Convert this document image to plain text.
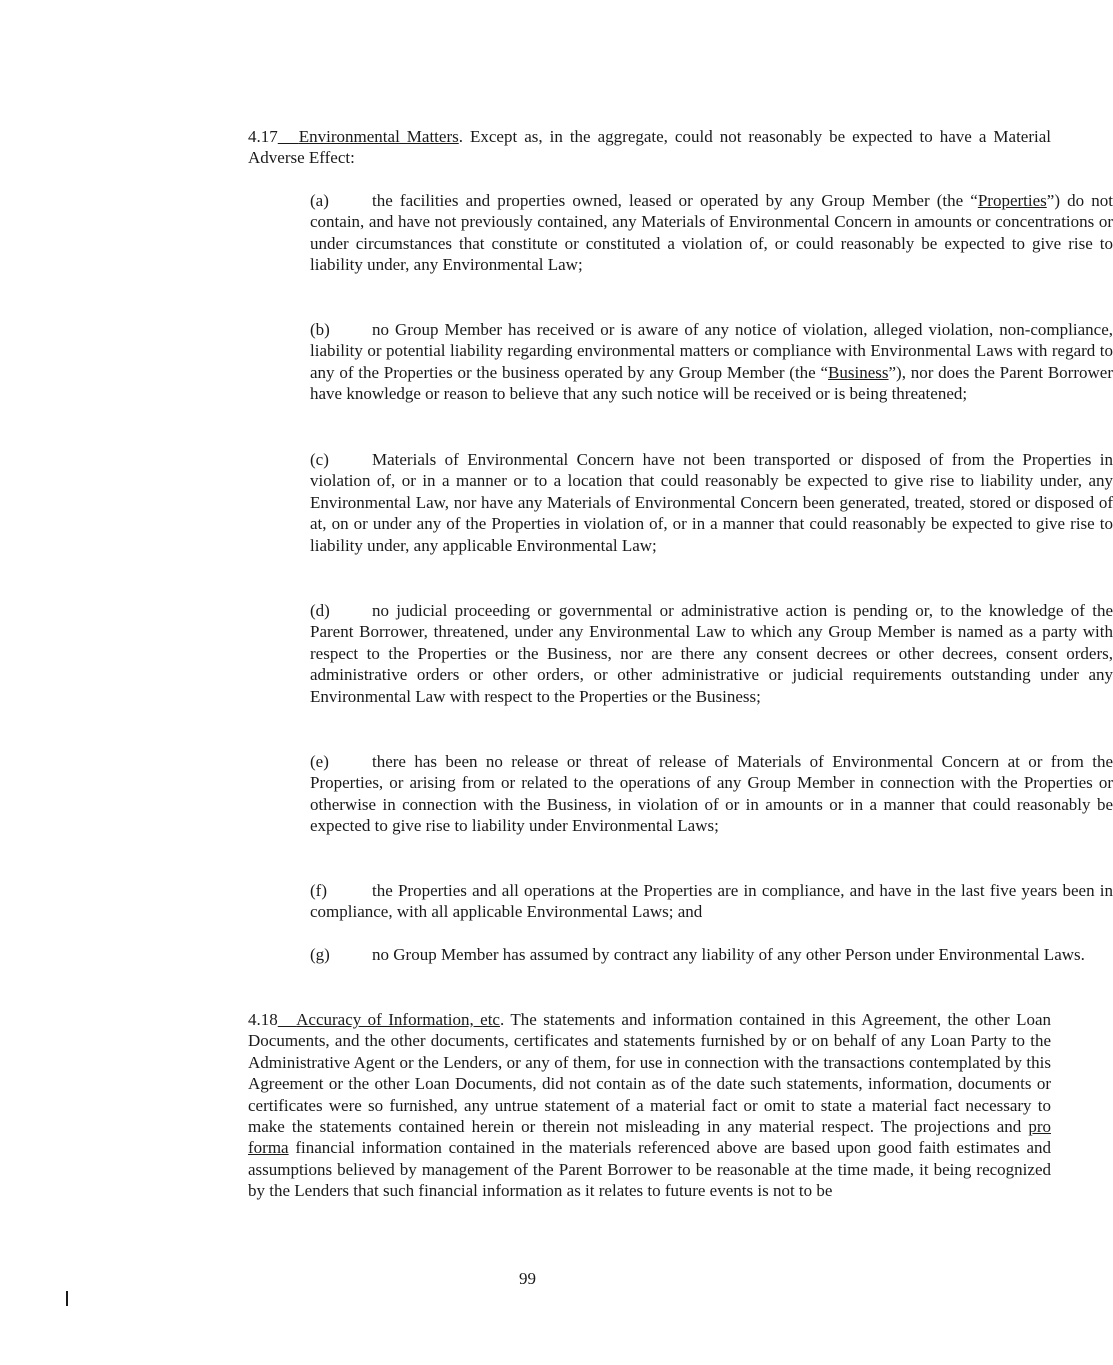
4.17 Environmental Matters. Except as, in the aggregate, could not reasonably be expected to have a Material Adverse Effect:

(a)	the facilities and properties owned, leased or operated by any Group Member (the “Properties”) do not contain, and have not previously contained, any Materials of Environmental Concern in amounts or concentrations or under circumstances that constitute or constituted a violation of, or could reasonably be expected to give rise to liability under, any Environmental Law;

(b) no Group Member has received or is aware of any notice of violation, alleged violation, non-compliance, liability or potential liability regarding environmental matters or compliance with Environmental Laws with regard to any of the Properties or the business operated by any Group Member (the “Business”), nor does the Parent Borrower have knowledge or reason to believe that any such notice will be received or is being threatened;

(c)	Materials of Environmental Concern have not been transported or disposed of from the Properties in violation of, or in a manner or to a location that could reasonably be expected to give rise to liability under, any Environmental Law, nor have any Materials of Environmental Concern been generated, treated, stored or disposed of at, on or under any of the Properties in violation of, or in a manner that could reasonably be expected to give rise to liability under, any applicable Environmental Law;

(d) no judicial proceeding or governmental or administrative action is pending or, to the knowledge of the Parent Borrower, threatened, under any Environmental Law to which any Group Member is named as a party with respect to the Properties or the Business, nor are there any consent decrees or other decrees, consent orders, administrative orders or other orders, or other administrative or judicial requirements outstanding under any Environmental Law with respect to the Properties or the Business;

(e)	there has been no release or threat of release of Materials of Environmental Concern at or from the Properties, or arising from or related to the operations of any Group Member in connection with the Properties or otherwise in connection with the Business, in violation of or in amounts or in a manner that could reasonably be expected to give rise to liability under Environmental Laws;

(f)	the Properties and all operations at the Properties are in compliance, and have in the last five years been in compliance, with all applicable Environmental Laws; and

(g) no Group Member has assumed by contract any liability of any other Person under Environmental Laws.

4.18 Accuracy of Information, etc. The statements and information contained in this Agreement, the other Loan Documents, and the other documents, certificates and statements furnished by or on behalf of any Loan Party to the Administrative Agent or the Lenders, or any of them, for use in connection with the transactions contemplated by this Agreement or the other Loan Documents, did not contain as of the date such statements, information, documents or certificates were so furnished, any untrue statement of a material fact or omit to state a material fact necessary to make the statements contained herein or therein not misleading in any material respect. The projections and pro forma financial information contained in the materials referenced above are based upon good faith estimates and assumptions believed by management of the Parent Borrower to be reasonable at the time made, it being recognized by the Lenders that such financial information as it relates to future events is not to be

99
